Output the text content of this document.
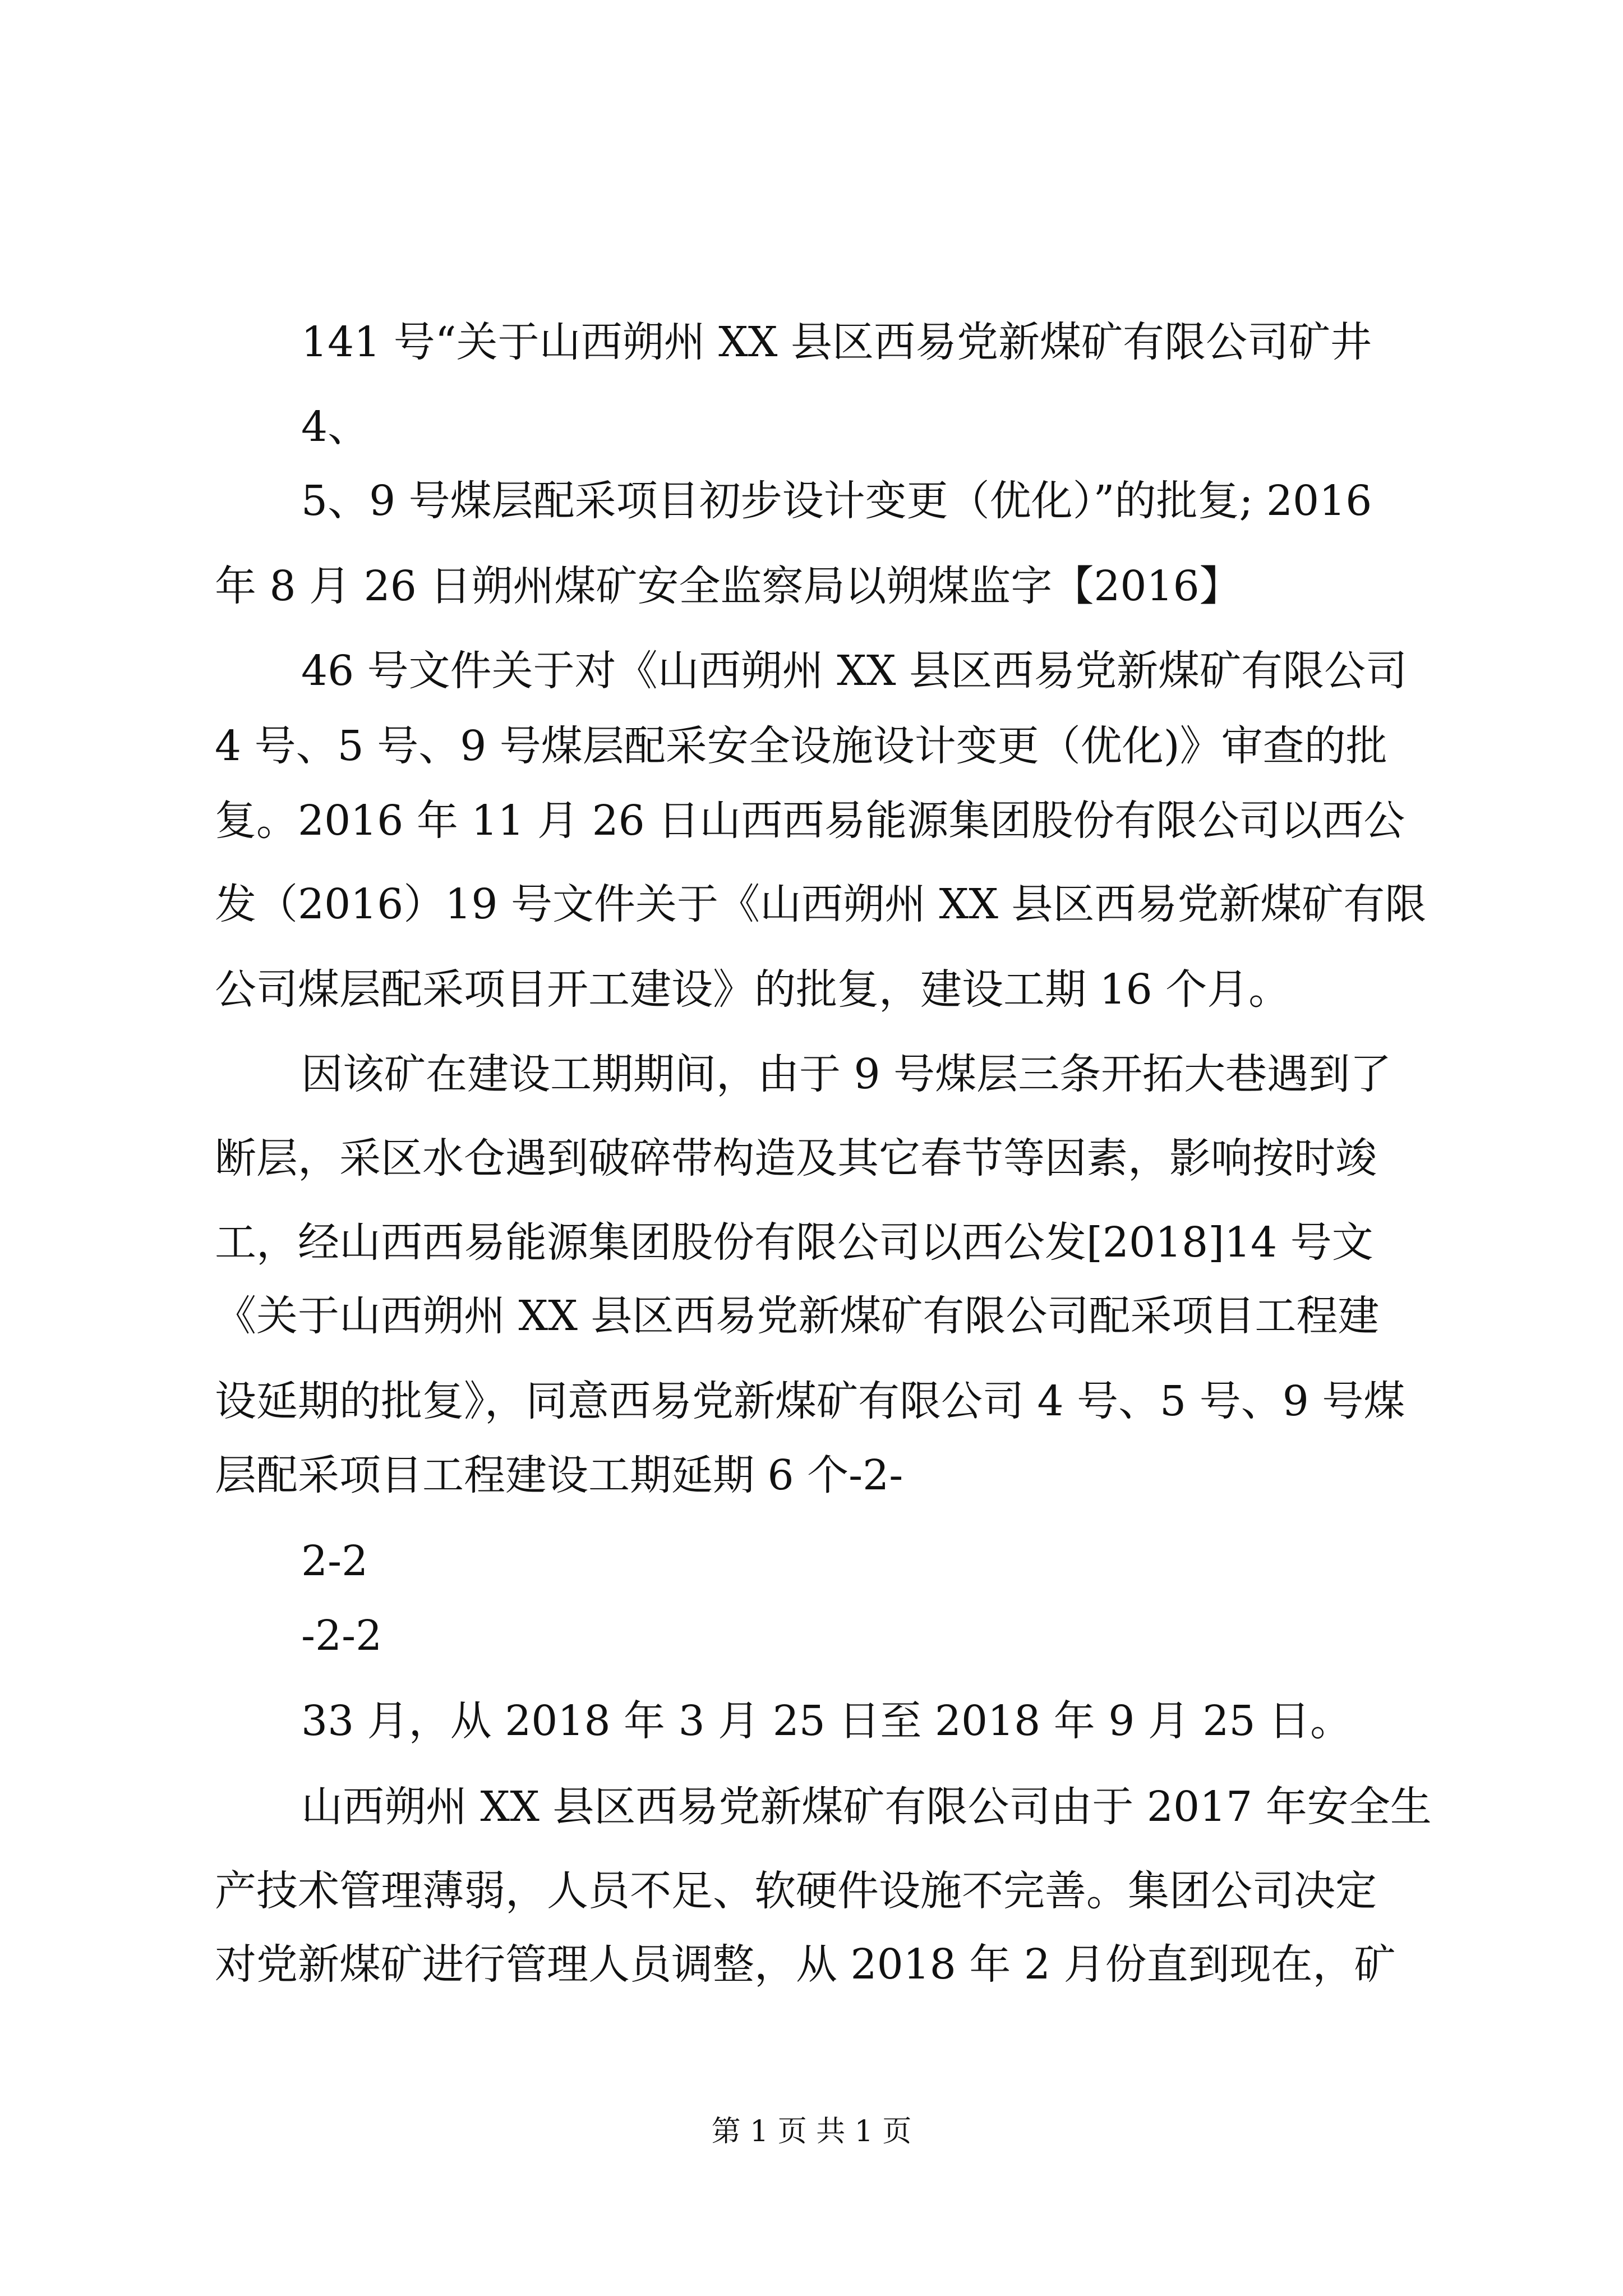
141 号“关于山西朔州 XX 县区西易党新煤矿有限公司矿井
4、
5、9 号煤层配采项目初步设计变更（优化）”的批复; 2016
年 8 月 26 日朔州煤矿安全监察局以朔煤监字【2016】
46 号文件关于对《山西朔州 XX 县区西易党新煤矿有限公司
4 号、5 号、9 号煤层配采安全设施设计变更（优化)》审查的批
复。2016 年 11 月 26 日山西西易能源集团股份有限公司以西公
发（2016）19 号文件关于《山西朔州 XX 县区西易党新煤矿有限
公司煤层配采项目开工建设》的批复，建设工期 16 个月。
因该矿在建设工期期间，由于 9 号煤层三条开拓大巷遇到了
断层，采区水仓遇到破碎带构造及其它春节等因素，影响按时竣
工，经山西西易能源集团股份有限公司以西公发[2018]14 号文
《关于山西朔州 XX 县区西易党新煤矿有限公司配采项目工程建
设延期的批复》，同意西易党新煤矿有限公司 4 号、5 号、9 号煤
层配采项目工程建设工期延期 6 个-2-
2-2
-2-2
33 月，从 2018 年 3 月 25 日至 2018 年 9 月 25 日。
山西朔州 XX 县区西易党新煤矿有限公司由于 2017 年安全生
产技术管理薄弱，人员不足、软硬件设施不完善。集团公司决定
对党新煤矿进行管理人员调整，从 2018 年 2 月份直到现在，矿
第 1 页 共 1 页
